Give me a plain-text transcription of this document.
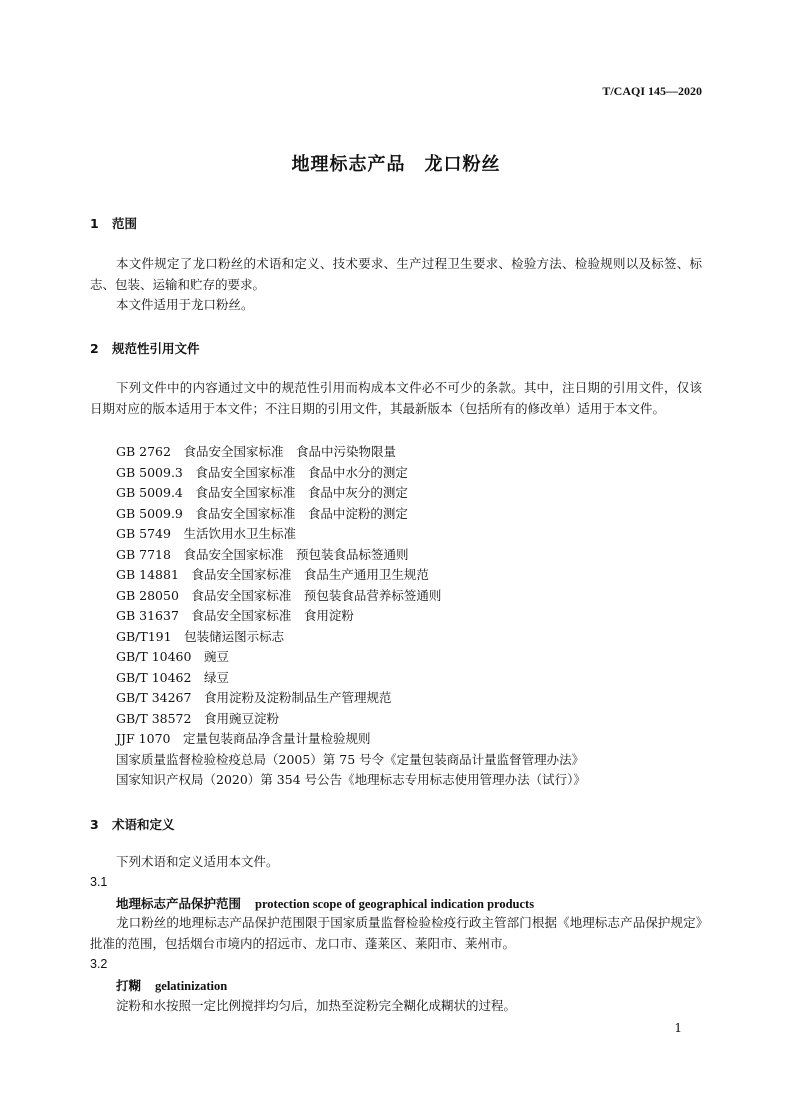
T/CAQI 145—2020
地理标志产品　龙口粉丝
1 范围
本文件规定了龙口粉丝的术语和定义、技术要求、生产过程卫生要求、检验方法、检验规则以及标签、标志、包装、运输和贮存的要求。
本文件适用于龙口粉丝。
2 规范性引用文件
下列文件中的内容通过文中的规范性引用而构成本文件必不可少的条款。其中，注日期的引用文件，仅该日期对应的版本适用于本文件；不注日期的引用文件，其最新版本（包括所有的修改单）适用于本文件。
GB 2762　食品安全国家标准　食品中污染物限量
GB 5009.3　食品安全国家标准　食品中水分的测定
GB 5009.4　食品安全国家标准　食品中灰分的测定
GB 5009.9　食品安全国家标准　食品中淀粉的测定
GB 5749　生活饮用水卫生标准
GB 7718　食品安全国家标准　预包装食品标签通则
GB 14881　食品安全国家标准　食品生产通用卫生规范
GB 28050　食品安全国家标准　预包装食品营养标签通则
GB 31637　食品安全国家标准　食用淀粉
GB/T191　包装储运图示标志
GB/T 10460　豌豆
GB/T 10462　绿豆
GB/T 34267　食用淀粉及淀粉制品生产管理规范
GB/T 38572　食用豌豆淀粉
JJF 1070　定量包装商品净含量计量检验规则
国家质量监督检验检疫总局（2005）第 75 号令《定量包装商品计量监督管理办法》
国家知识产权局（2020）第 354 号公告《地理标志专用标志使用管理办法（试行）》
3 术语和定义
下列术语和定义适用本文件。
3.1
地理标志产品保护范围 protection scope of geographical indication products
龙口粉丝的地理标志产品保护范围限于国家质量监督检验检疫行政主管部门根据《地理标志产品保护规定》批准的范围，包括烟台市境内的招远市、龙口市、蓬莱区、莱阳市、莱州市。
3.2
打糊 gelatinization
淀粉和水按照一定比例搅拌均匀后，加热至淀粉完全糊化成糊状的过程。
1
